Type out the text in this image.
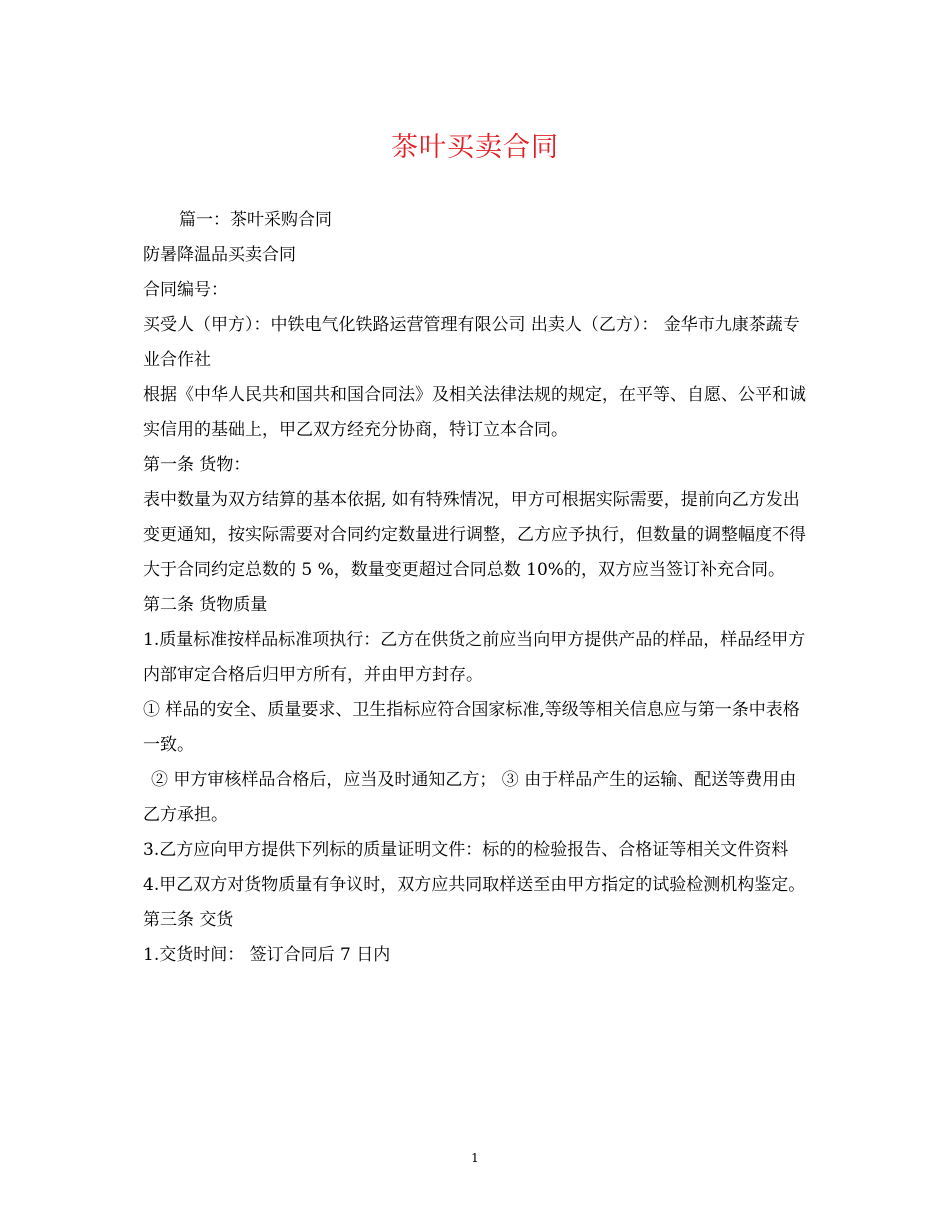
茶叶买卖合同

篇一：茶叶采购合同

防暑降温品买卖合同

合同编号：

买受人（甲方）：中铁电气化铁路运营管理有限公司 出卖人（乙方）： 金华市九康茶蔬专业合作社

根据《中华人民共和国共和国合同法》及相关法律法规的规定，在平等、自愿、公平和诚实信用的基础上，甲乙双方经充分协商，特订立本合同。

第一条 货物：

表中数量为双方结算的基本依据, 如有特殊情况，甲方可根据实际需要，提前向乙方发出变更通知，按实际需要对合同约定数量进行调整，乙方应予执行，但数量的调整幅度不得大于合同约定总数的 5 %，数量变更超过合同总数 10%的，双方应当签订补充合同。

第二条 货物质量

1.质量标准按样品标准项执行：乙方在供货之前应当向甲方提供产品的样品，样品经甲方内部审定合格后归甲方所有，并由甲方封存。

① 样品的安全、质量要求、卫生指标应符合国家标准,等级等相关信息应与第一条中表格一致。

② 甲方审核样品合格后，应当及时通知乙方； ③ 由于样品产生的运输、配送等费用由乙方承担。

3.乙方应向甲方提供下列标的质量证明文件：标的的检验报告、合格证等相关文件资料

4.甲乙双方对货物质量有争议时，双方应共同取样送至由甲方指定的试验检测机构鉴定。

第三条 交货

1.交货时间： 签订合同后 7 日内

1
